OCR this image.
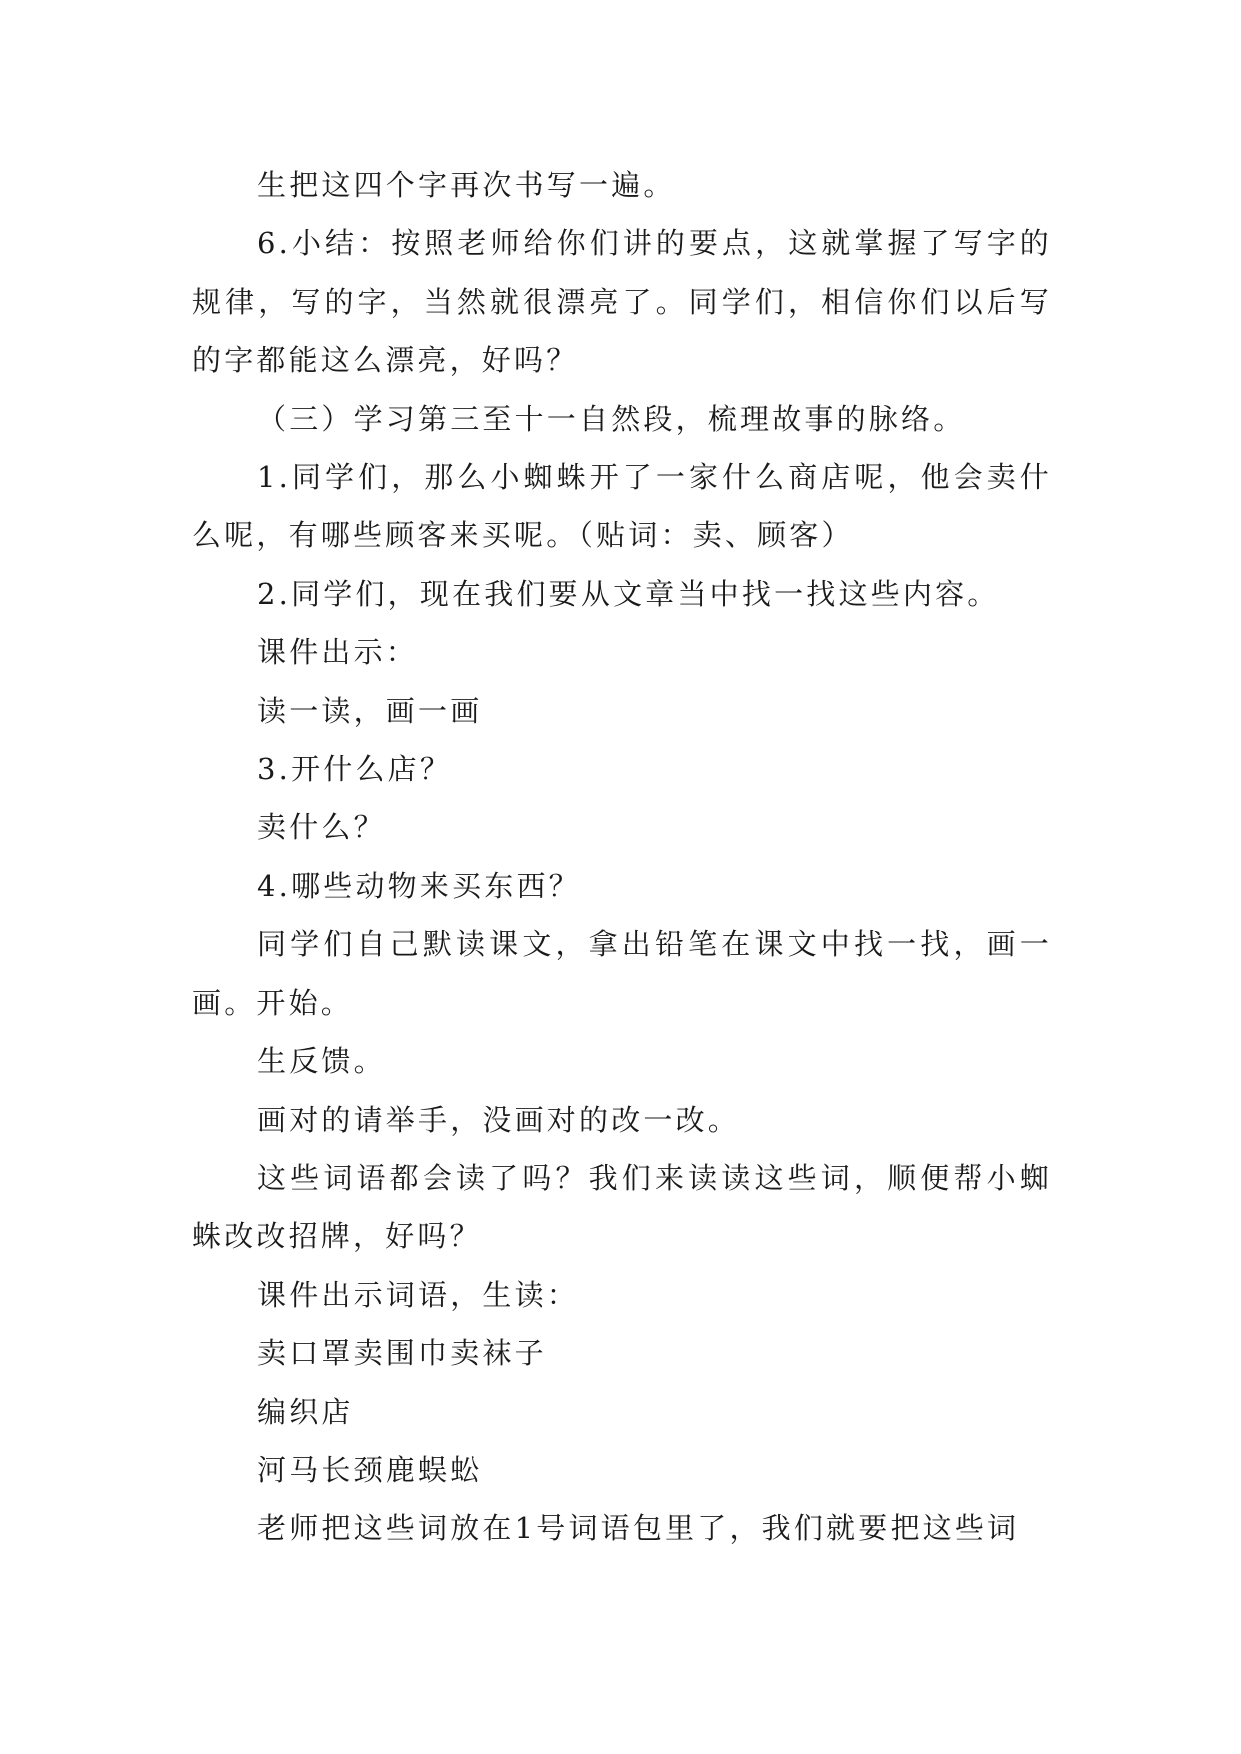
生把这四个字再次书写一遍。

6.小结：按照老师给你们讲的要点，这就掌握了写字的规律，写的字，当然就很漂亮了。同学们，相信你们以后写的字都能这么漂亮，好吗？

（三）学习第三至十一自然段，梳理故事的脉络。

1.同学们，那么小蜘蛛开了一家什么商店呢，他会卖什么呢，有哪些顾客来买呢。（贴词：卖、顾客）

2.同学们，现在我们要从文章当中找一找这些内容。

课件出示：

读一读，画一画

3.开什么店？

卖什么？

4.哪些动物来买东西？

同学们自己默读课文，拿出铅笔在课文中找一找，画一画。开始。

生反馈。

画对的请举手，没画对的改一改。

这些词语都会读了吗？我们来读读这些词，顺便帮小蜘蛛改改招牌，好吗？

课件出示词语，生读：

卖口罩卖围巾卖袜子

编织店

河马长颈鹿蜈蚣

老师把这些词放在1号词语包里了，我们就要把这些词
